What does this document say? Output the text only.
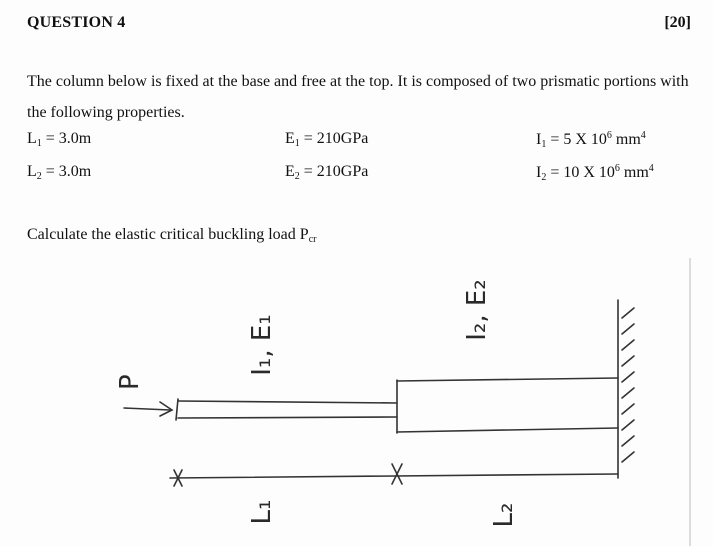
QUESTION 4	[20]
The column below is fixed at the base and free at the top. It is composed of two prismatic portions with the following properties.
$L_1 = 3.0m$	$E_1 = 210GPa$	$I_1 = 5$ X $10^6$ $mm^4$
$L_2 = 3.0m$	$E_2 = 210GPa$	$I_2 = 10$ X $10^6$ $mm^4$
Calculate the elastic critical buckling load $P_{cr}$
P
I₁, E₁
I₂, E₂
L₁	L₂
